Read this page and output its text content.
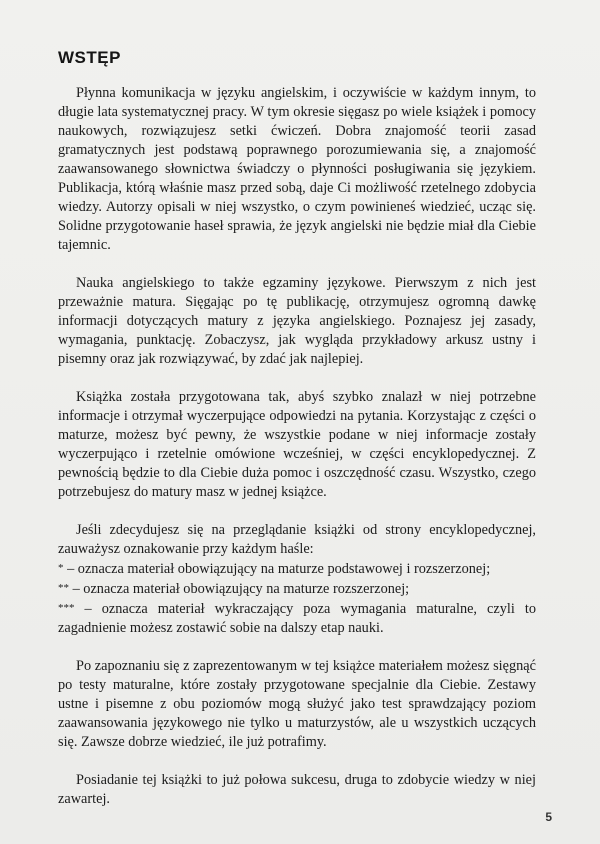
WSTĘP

Płynna komunikacja w języku angielskim, i oczywiście w każdym innym, to długie lata systematycznej pracy. W tym okresie sięgasz po wiele książek i pomocy naukowych, rozwiązujesz setki ćwiczeń. Dobra znajomość teorii zasad gramatycznych jest podstawą poprawnego porozumiewania się, a znajomość zaawansowanego słownictwa świadczy o płynności posługiwania się językiem. Publikacja, którą właśnie masz przed sobą, daje Ci możliwość rzetelnego zdobycia wiedzy. Autorzy opisali w niej wszystko, o czym powinieneś wiedzieć, ucząc się. Solidne przygotowanie haseł sprawia, że język angielski nie będzie miał dla Ciebie tajemnic.

Nauka angielskiego to także egzaminy językowe. Pierwszym z nich jest przeważnie matura. Sięgając po tę publikację, otrzymujesz ogromną dawkę informacji dotyczących matury z języka angielskiego. Poznajesz jej zasady, wymagania, punktację. Zobaczysz, jak wygląda przykładowy arkusz ustny i pisemny oraz jak rozwiązywać, by zdać jak najlepiej.

Książka została przygotowana tak, abyś szybko znalazł w niej potrzebne informacje i otrzymał wyczerpujące odpowiedzi na pytania. Korzystając z części o maturze, możesz być pewny, że wszystkie podane w niej informacje zostały wyczerpująco i rzetelnie omówione wcześniej, w części encyklopedycznej. Z pewnością będzie to dla Ciebie duża pomoc i oszczędność czasu. Wszystko, czego potrzebujesz do matury masz w jednej książce.

Jeśli zdecydujesz się na przeglądanie książki od strony encyklopedycznej, zauważysz oznakowanie przy każdym haśle:
* – oznacza materiał obowiązujący na maturze podstawowej i rozszerzonej;
** – oznacza materiał obowiązujący na maturze rozszerzonej;
*** – oznacza materiał wykraczający poza wymagania maturalne, czyli to zagadnienie możesz zostawić sobie na dalszy etap nauki.

Po zapoznaniu się z zaprezentowanym w tej książce materiałem możesz sięgnąć po testy maturalne, które zostały przygotowane specjalnie dla Ciebie. Zestawy ustne i pisemne z obu poziomów mogą służyć jako test sprawdzający poziom zaawansowania językowego nie tylko u maturzystów, ale u wszystkich uczących się. Zawsze dobrze wiedzieć, ile już potrafimy.

Posiadanie tej książki to już połowa sukcesu, druga to zdobycie wiedzy w niej zawartej.

5
